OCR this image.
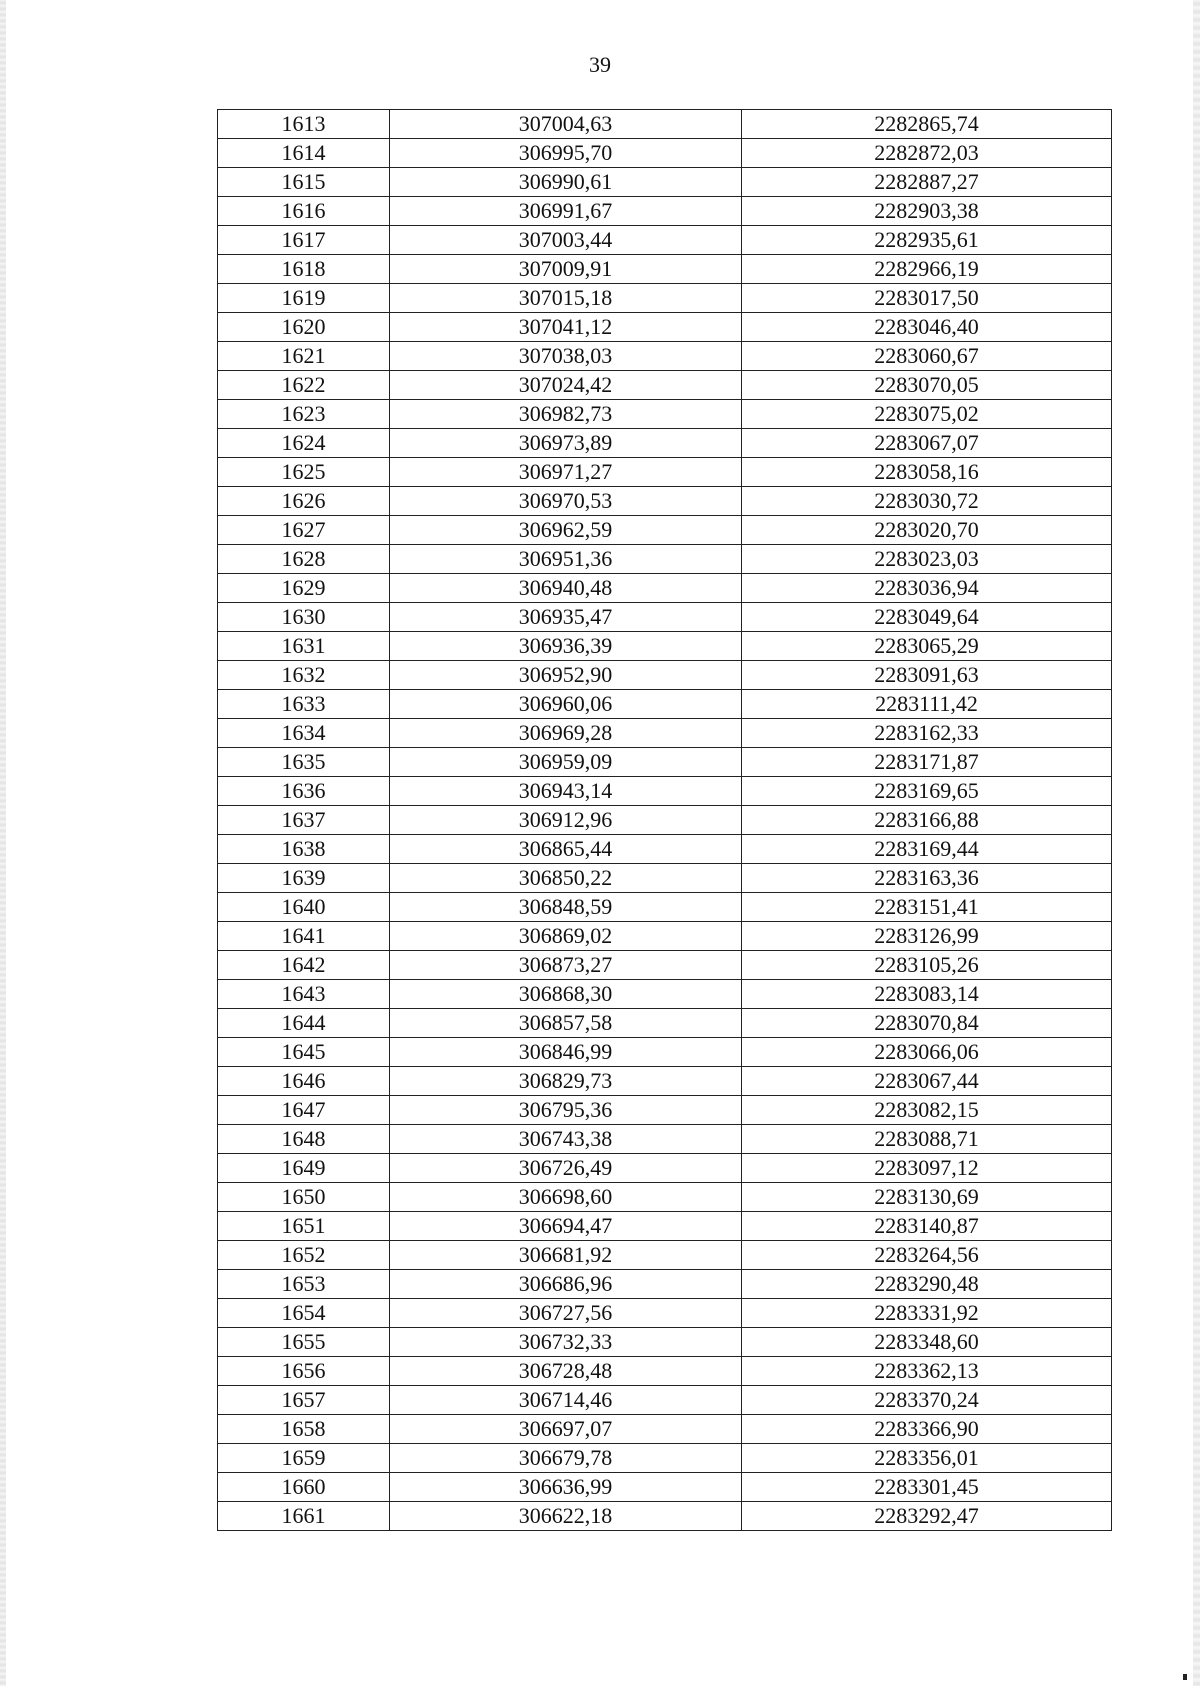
39
1613	307004,63	2282865,74
1614	306995,70	2282872,03
1615	306990,61	2282887,27
1616	306991,67	2282903,38
1617	307003,44	2282935,61
1618	307009,91	2282966,19
1619	307015,18	2283017,50
1620	307041,12	2283046,40
1621	307038,03	2283060,67
1622	307024,42	2283070,05
1623	306982,73	2283075,02
1624	306973,89	2283067,07
1625	306971,27	2283058,16
1626	306970,53	2283030,72
1627	306962,59	2283020,70
1628	306951,36	2283023,03
1629	306940,48	2283036,94
1630	306935,47	2283049,64
1631	306936,39	2283065,29
1632	306952,90	2283091,63
1633	306960,06	2283111,42
1634	306969,28	2283162,33
1635	306959,09	2283171,87
1636	306943,14	2283169,65
1637	306912,96	2283166,88
1638	306865,44	2283169,44
1639	306850,22	2283163,36
1640	306848,59	2283151,41
1641	306869,02	2283126,99
1642	306873,27	2283105,26
1643	306868,30	2283083,14
1644	306857,58	2283070,84
1645	306846,99	2283066,06
1646	306829,73	2283067,44
1647	306795,36	2283082,15
1648	306743,38	2283088,71
1649	306726,49	2283097,12
1650	306698,60	2283130,69
1651	306694,47	2283140,87
1652	306681,92	2283264,56
1653	306686,96	2283290,48
1654	306727,56	2283331,92
1655	306732,33	2283348,60
1656	306728,48	2283362,13
1657	306714,46	2283370,24
1658	306697,07	2283366,90
1659	306679,78	2283356,01
1660	306636,99	2283301,45
1661	306622,18	2283292,47
